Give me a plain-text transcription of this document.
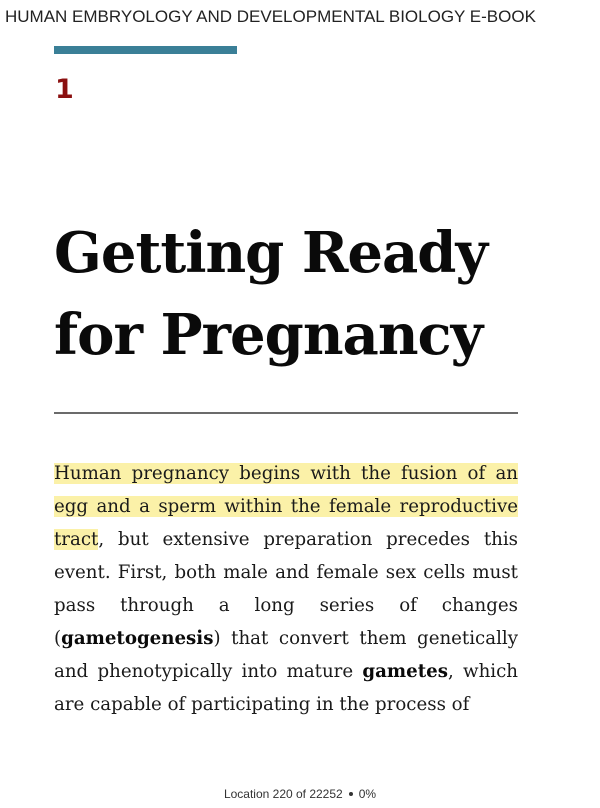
HUMAN EMBRYOLOGY AND DEVELOPMENTAL BIOLOGY E-BOOK
1
Getting Ready
for Pregnancy

Human pregnancy begins with the fusion of an egg and a sperm within the female reproductive tract, but extensive preparation precedes this event. First, both male and female sex cells must pass through a long series of changes (gametogenesis) that convert them genetically and phenotypically into mature gametes, which are capable of participating in the process of

Location 220 of 22252 0%
